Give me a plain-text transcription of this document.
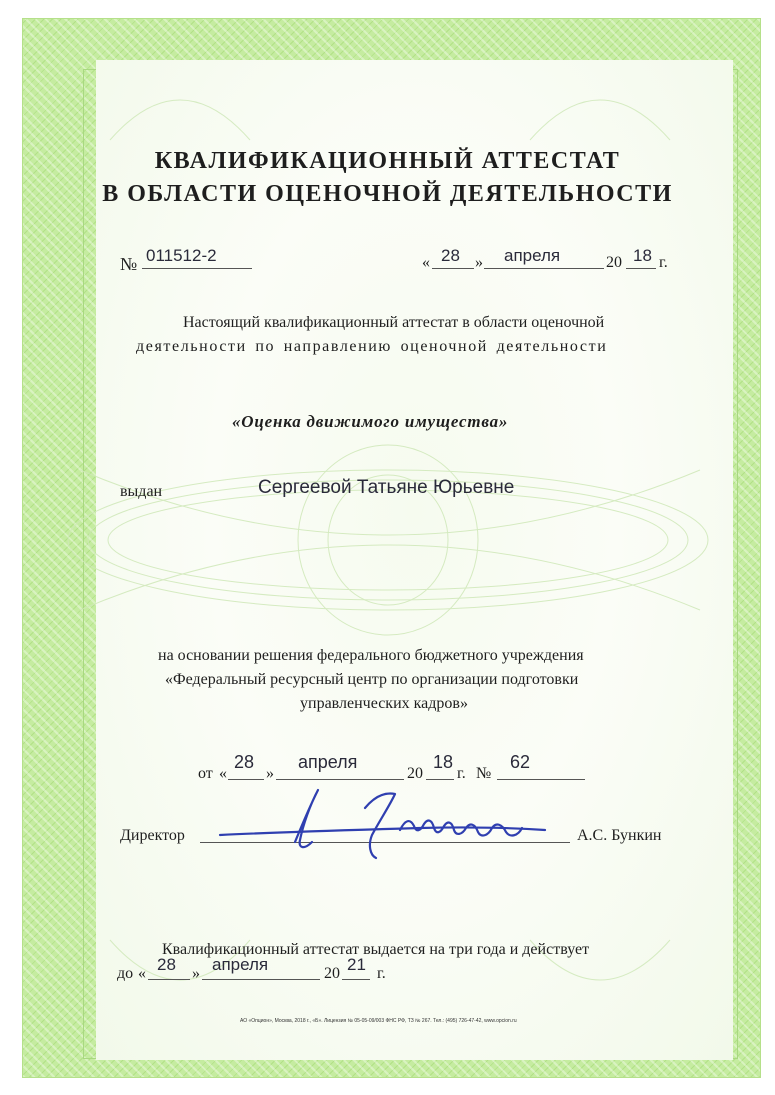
КВАЛИФИКАЦИОННЫЙ АТТЕСТАТ
В ОБЛАСТИ ОЦЕНОЧНОЙ ДЕЯТЕЛЬНОСТИ
№ 011512-2	« 28 » апреля	20 18 г.
Настоящий квалификационный аттестат в области оценочной
деятельности по направлению оценочной деятельности
«Оценка движимого имущества»
выдан	Сергеевой Татьяне Юрьевне
на основании решения федерального бюджетного учреждения
«Федеральный ресурсный центр по организации подготовки
управленческих кадров»
от «
28
»
апреля
20
18
г. №
62
Директор	А.С. Бункин
Квалификационный аттестат выдается на три года и действует
до « 28 » апреля	20 21 г.
АО «Опцион», Москва, 2018 г., «Б». Лицензия № 05-05-09/003 ФНС РФ, ТЗ № 267. Тел.: (495) 726-47-42, www.opcion.ru
